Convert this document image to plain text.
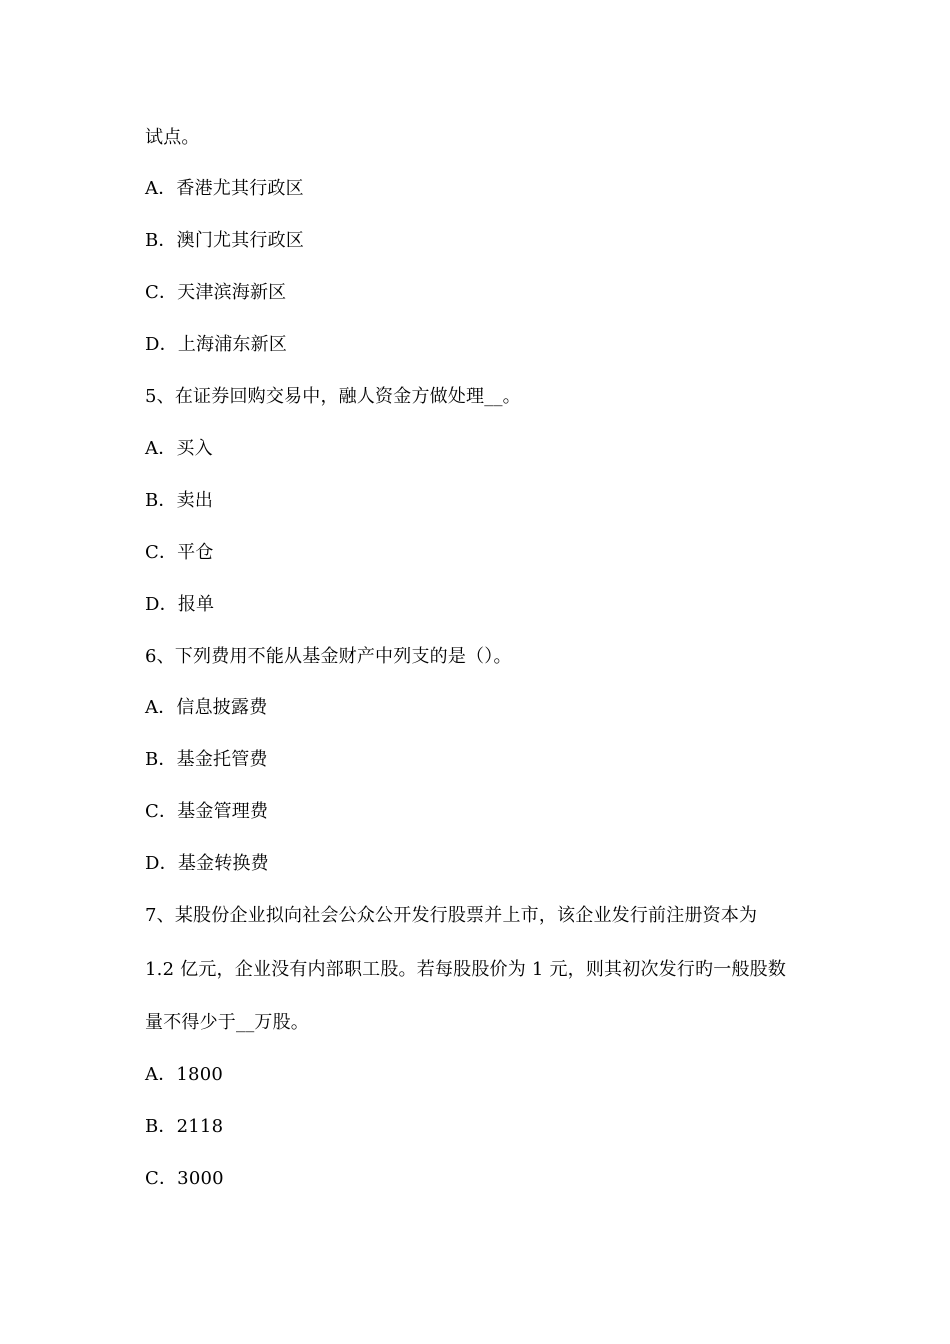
试点。
A．香港尤其行政区
B．澳门尤其行政区
C．天津滨海新区
D．上海浦东新区
5、在证券回购交易中，融人资金方做处理__。
A．买入
B．卖出
C．平仓
D．报单
6、下列费用不能从基金财产中列支的是（）。
A．信息披露费
B．基金托管费
C．基金管理费
D．基金转换费
7、某股份企业拟向社会公众公开发行股票并上市，该企业发行前注册资本为
1.2 亿元，企业没有内部职工股。若每股股价为 1 元，则其初次发行旳一般股数
量不得少于__万股。
A．1800
B．2118
C．3000
